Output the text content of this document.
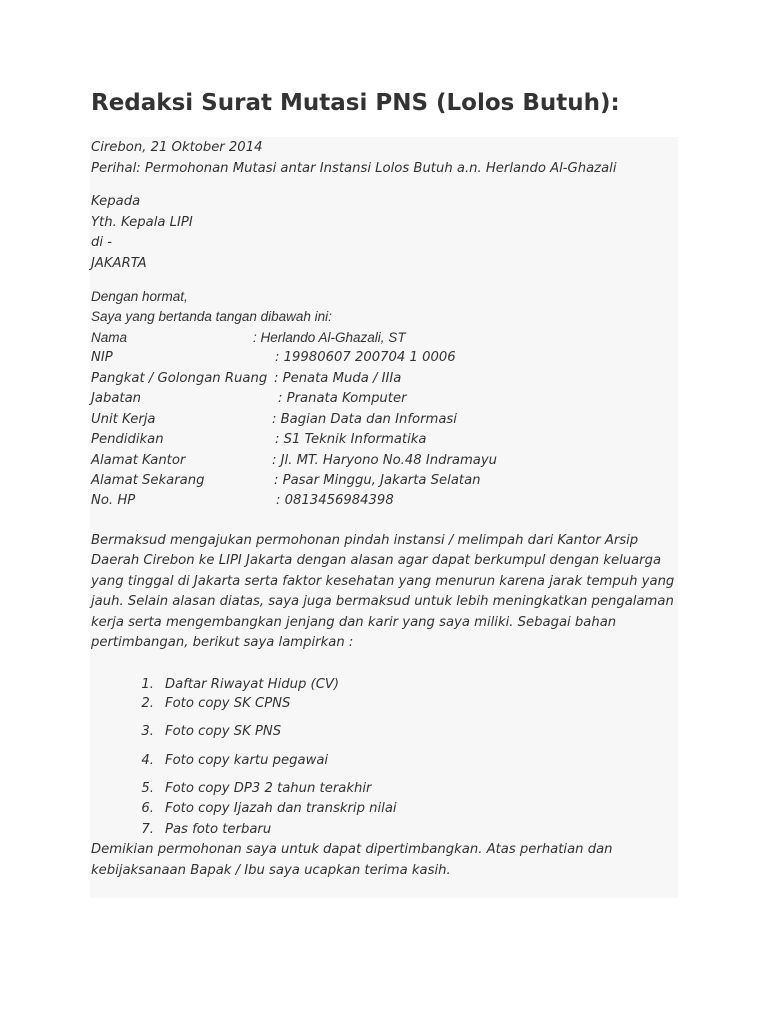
Redaksi Surat Mutasi PNS (Lolos Butuh):
Cirebon, 21 Oktober 2014
Perihal: Permohonan Mutasi antar Instansi Lolos Butuh a.n. Herlando Al-Ghazali
Kepada
Yth. Kepala LIPI
di -
JAKARTA
Dengan hormat,
Saya yang bertanda tangan dibawah ini:
Nama	: Herlando Al-Ghazali, ST
NIP	: 19980607 200704 1 0006
Pangkat / Golongan Ruang : Penata Muda / IIIa
Jabatan	: Pranata Komputer
Unit Kerja	: Bagian Data dan Informasi
Pendidikan	: S1 Teknik Informatika
Alamat Kantor	: Jl. MT. Haryono No.48 Indramayu
Alamat Sekarang	: Pasar Minggu, Jakarta Selatan
No. HP	: 0813456984398
Bermaksud mengajukan permohonan pindah instansi / melimpah dari Kantor Arsip
Daerah Cirebon ke LIPI Jakarta dengan alasan agar dapat berkumpul dengan keluarga
yang tinggal di Jakarta serta faktor kesehatan yang menurun karena jarak tempuh yang
jauh. Selain alasan diatas, saya juga bermaksud untuk lebih meningkatkan pengalaman
kerja serta mengembangkan jenjang dan karir yang saya miliki. Sebagai bahan
pertimbangan, berikut saya lampirkan :
1. Daftar Riwayat Hidup (CV)
2. Foto copy SK CPNS
3. Foto copy SK PNS
4. Foto copy kartu pegawai
5. Foto copy DP3 2 tahun terakhir
6. Foto copy Ijazah dan transkrip nilai
7. Pas foto terbaru
Demikian permohonan saya untuk dapat dipertimbangkan. Atas perhatian dan
kebijaksanaan Bapak / Ibu saya ucapkan terima kasih.
